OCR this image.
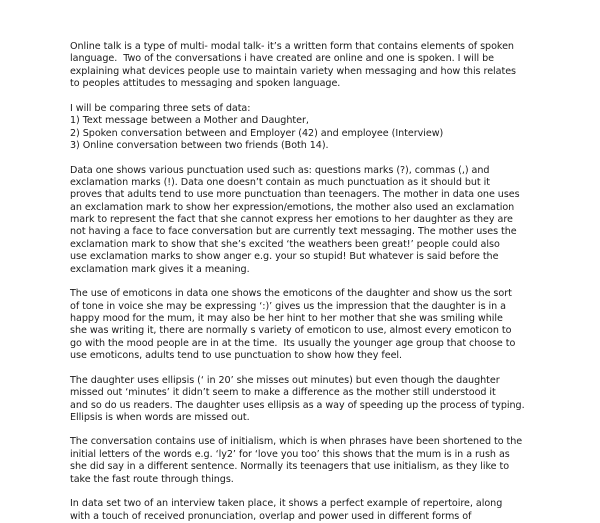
Online talk is a type of multi- modal talk- it’s a written form that contains elements of spoken
language.  Two of the conversations i have created are online and one is spoken. I will be
explaining what devices people use to maintain variety when messaging and how this relates
to peoples attitudes to messaging and spoken language.
I will be comparing three sets of data:
1) Text message between a Mother and Daughter,
2) Spoken conversation between and Employer (42) and employee (Interview)
3) Online conversation between two friends (Both 14).
Data one shows various punctuation used such as: questions marks (?), commas (,) and
exclamation marks (!). Data one doesn’t contain as much punctuation as it should but it
proves that adults tend to use more punctuation than teenagers. The mother in data one uses
an exclamation mark to show her expression/emotions, the mother also used an exclamation
mark to represent the fact that she cannot express her emotions to her daughter as they are
not having a face to face conversation but are currently text messaging. The mother uses the
exclamation mark to show that she’s excited ‘the weathers been great!’ people could also
use exclamation marks to show anger e.g. your so stupid! But whatever is said before the
exclamation mark gives it a meaning.
The use of emoticons in data one shows the emoticons of the daughter and show us the sort
of tone in voice she may be expressing ‘:)’ gives us the impression that the daughter is in a
happy mood for the mum, it may also be her hint to her mother that she was smiling while
she was writing it, there are normally s variety of emoticon to use, almost every emoticon to
go with the mood people are in at the time.  Its usually the younger age group that choose to
use emoticons, adults tend to use punctuation to show how they feel.
The daughter uses ellipsis (‘ in 20’ she misses out minutes) but even though the daughter
missed out ‘minutes’ it didn’t seem to make a difference as the mother still understood it
and so do us readers. The daughter uses ellipsis as a way of speeding up the process of typing.
Ellipsis is when words are missed out.
The conversation contains use of initialism, which is when phrases have been shortened to the
initial letters of the words e.g. ‘ly2’ for ‘love you too’ this shows that the mum is in a rush as
she did say in a different sentence. Normally its teenagers that use initialism, as they like to
take the fast route through things.
In data set two of an interview taken place, it shows a perfect example of repertoire, along
with a touch of received pronunciation, overlap and power used in different forms of
